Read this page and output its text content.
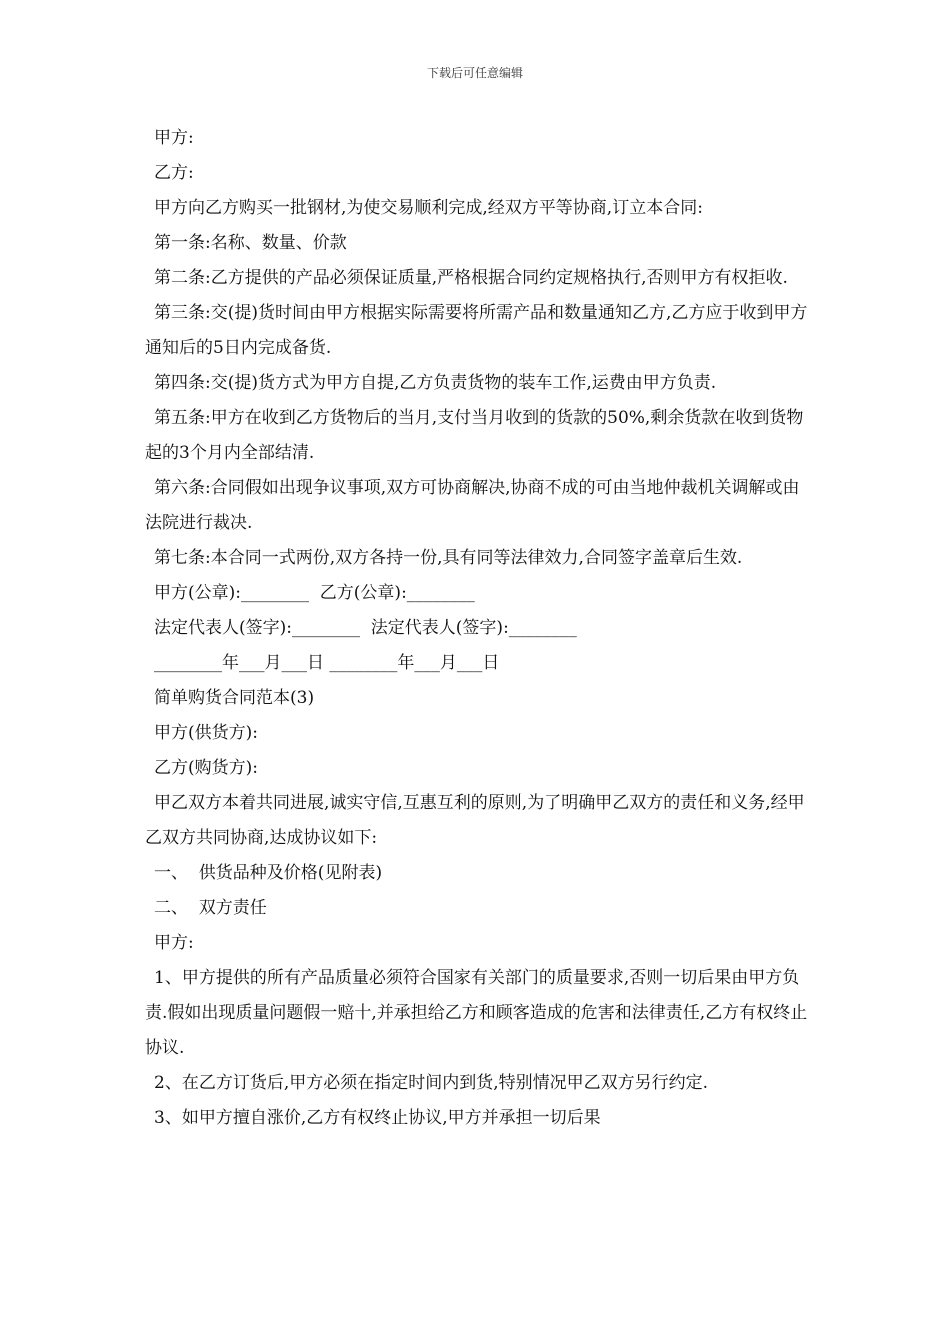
下载后可任意编辑

甲方:

乙方:

甲方向乙方购买一批钢材,为使交易顺利完成,经双方平等协商,订立本合同:

第一条:名称、数量、价款

第二条:乙方提供的产品必须保证质量,严格根据合同约定规格执行,否则甲方有权拒收.

第三条:交(提)货时间由甲方根据实际需要将所需产品和数量通知乙方,乙方应于收到甲方通知后的5日内完成备货.

第四条:交(提)货方式为甲方自提,乙方负责货物的装车工作,运费由甲方负责.

第五条:甲方在收到乙方货物后的当月,支付当月收到的货款的50%,剩余货款在收到货物起的3个月内全部结清.

第六条:合同假如出现争议事项,双方可协商解决,协商不成的可由当地仲裁机关调解或由法院进行裁决.

第七条:本合同一式两份,双方各持一份,具有同等法律效力,合同签字盖章后生效.

甲方(公章):________  乙方(公章):________

法定代表人(签字):________  法定代表人(签字):________

________年___月___日 ________年___月___日

简单购货合同范本(3)

甲方(供货方):

乙方(购货方):

甲乙双方本着共同进展,诚实守信,互惠互利的原则,为了明确甲乙双方的责任和义务,经甲乙双方共同协商,达成协议如下:

一、  供货品种及价格(见附表)

二、  双方责任

甲方:

1、甲方提供的所有产品质量必须符合国家有关部门的质量要求,否则一切后果由甲方负责.假如出现质量问题假一赔十,并承担给乙方和顾客造成的危害和法律责任,乙方有权终止协议.

2、在乙方订货后,甲方必须在指定时间内到货,特别情况甲乙双方另行约定.

3、如甲方擅自涨价,乙方有权终止协议,甲方并承担一切后果
